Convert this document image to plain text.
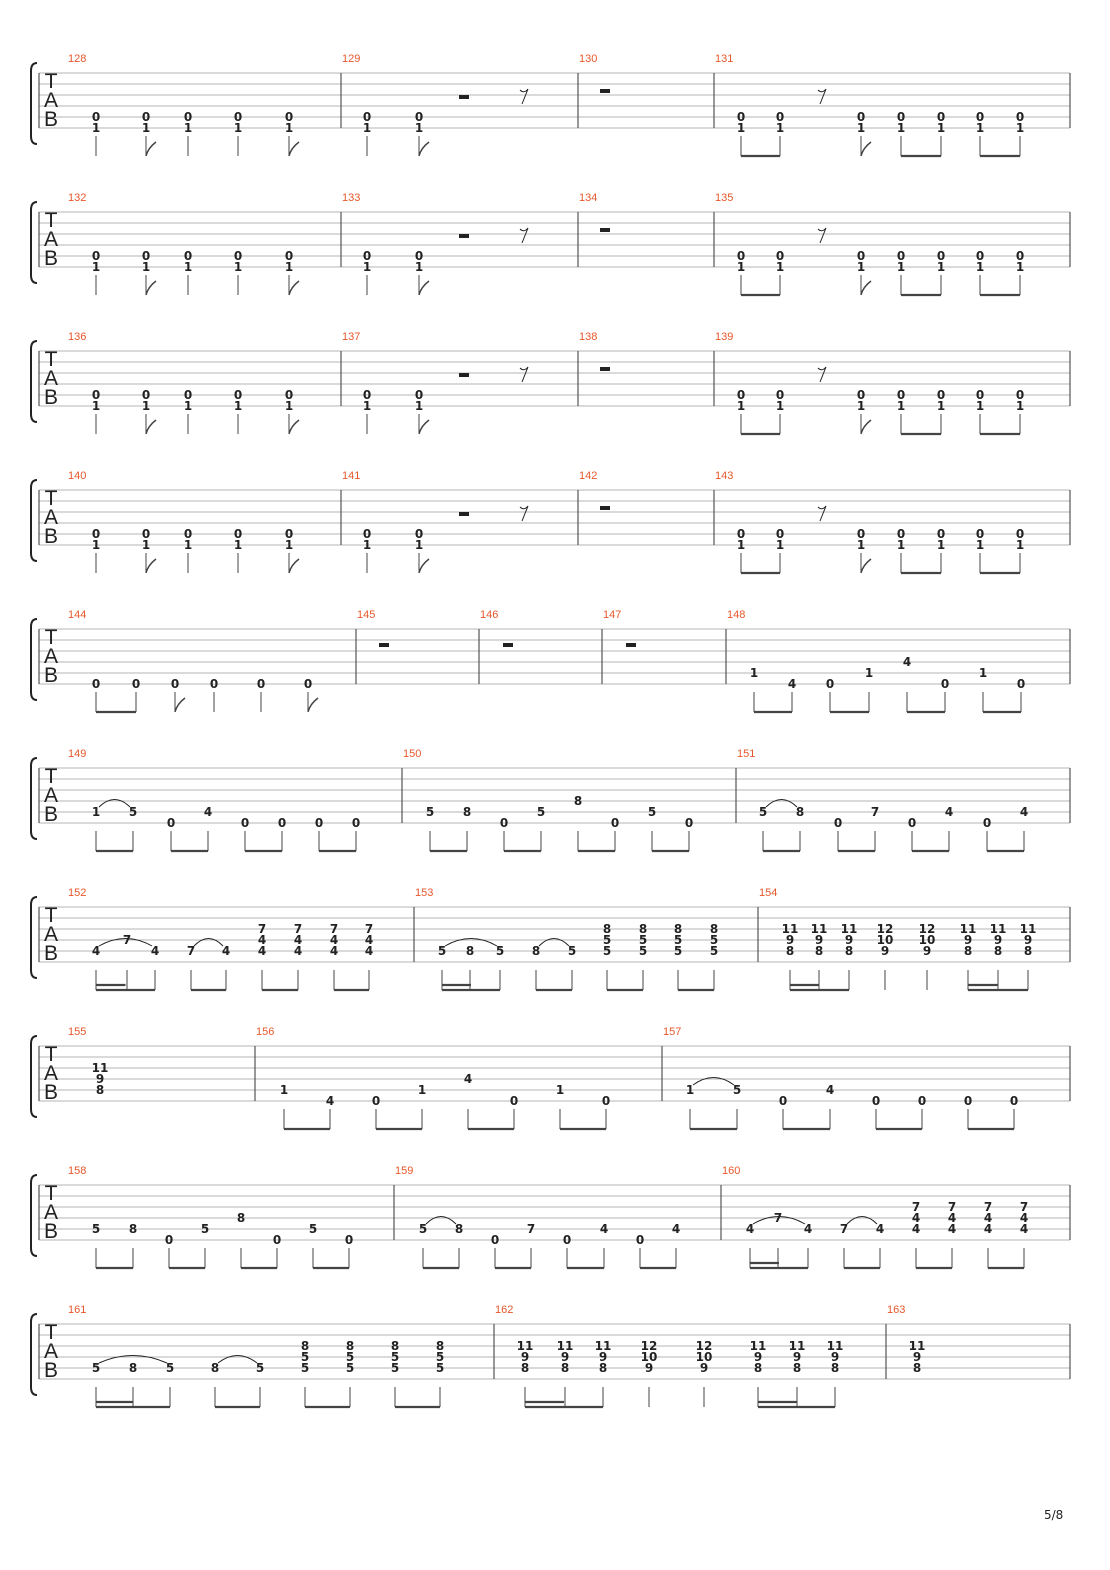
T
A
B
128	129	130	131
0
1
0
1
0
1
0
1
0
1
0
1
0
1
0
1
0
1
0
1
0
1
0
1
0
1
0
1
T
A
B
132	133	134	135
0
1
0
1
0
1
0
1
0
1
0
1
0
1
0
1
0
1
0
1
0
1
0
1
0
1
0
1
T
A
B
136	137	138	139
0
1
0
1
0
1
0
1
0
1
0
1
0
1
0
1
0
1
0
1
0
1
0
1
0
1
0
1
T
A
B
140	141	142	143
0
1
0
1
0
1
0
1
0
1
0
1
0
1
0
1
0
1
0
1
0
1
0
1
0
1
0
1
T
A
B
144	145	146	147	148
0	0	0	0	0	0
1
4 0
1
4
0
1
0
T
A
B
149	150	151
1 5
0
4
0 0 0 0
5 8
0
5
8
0
5
0
5 8
0
7
0
4
0
4
T
A
B
152	153	154
4
7
4 7 4
7
4
4
7
4
4
7
4
4
7
4
4	5 8 5 8 5
8
5
5
8
5
5
8
5
5
8
5
5
11
9
8
11
9
8
11
9
8
12
10
9
12
10
9
11
9
8
11
9
8
11
9
8
T
A
B
155	156	157
11
9
8	1
4	0
1
4
0
1
0
1	5
0
4
0	0	0	0
T
A
B
158	159	160
5 8
0
5
8
0
5
0
5 8
0
7
0
4
0
4	4
7
4 7 4
7
4
4
7
4
4
7
4
4
7
4
4
T
A
B
161	162	163
5 8 5	8	5
8
5
5
8
5
5
8
5
5
8
5
5
11
9
8
11
9
8
11
9
8
12
10
9
12
10
9
11
9
8
11
9
8
11
9
8
11
9
8
5/8
